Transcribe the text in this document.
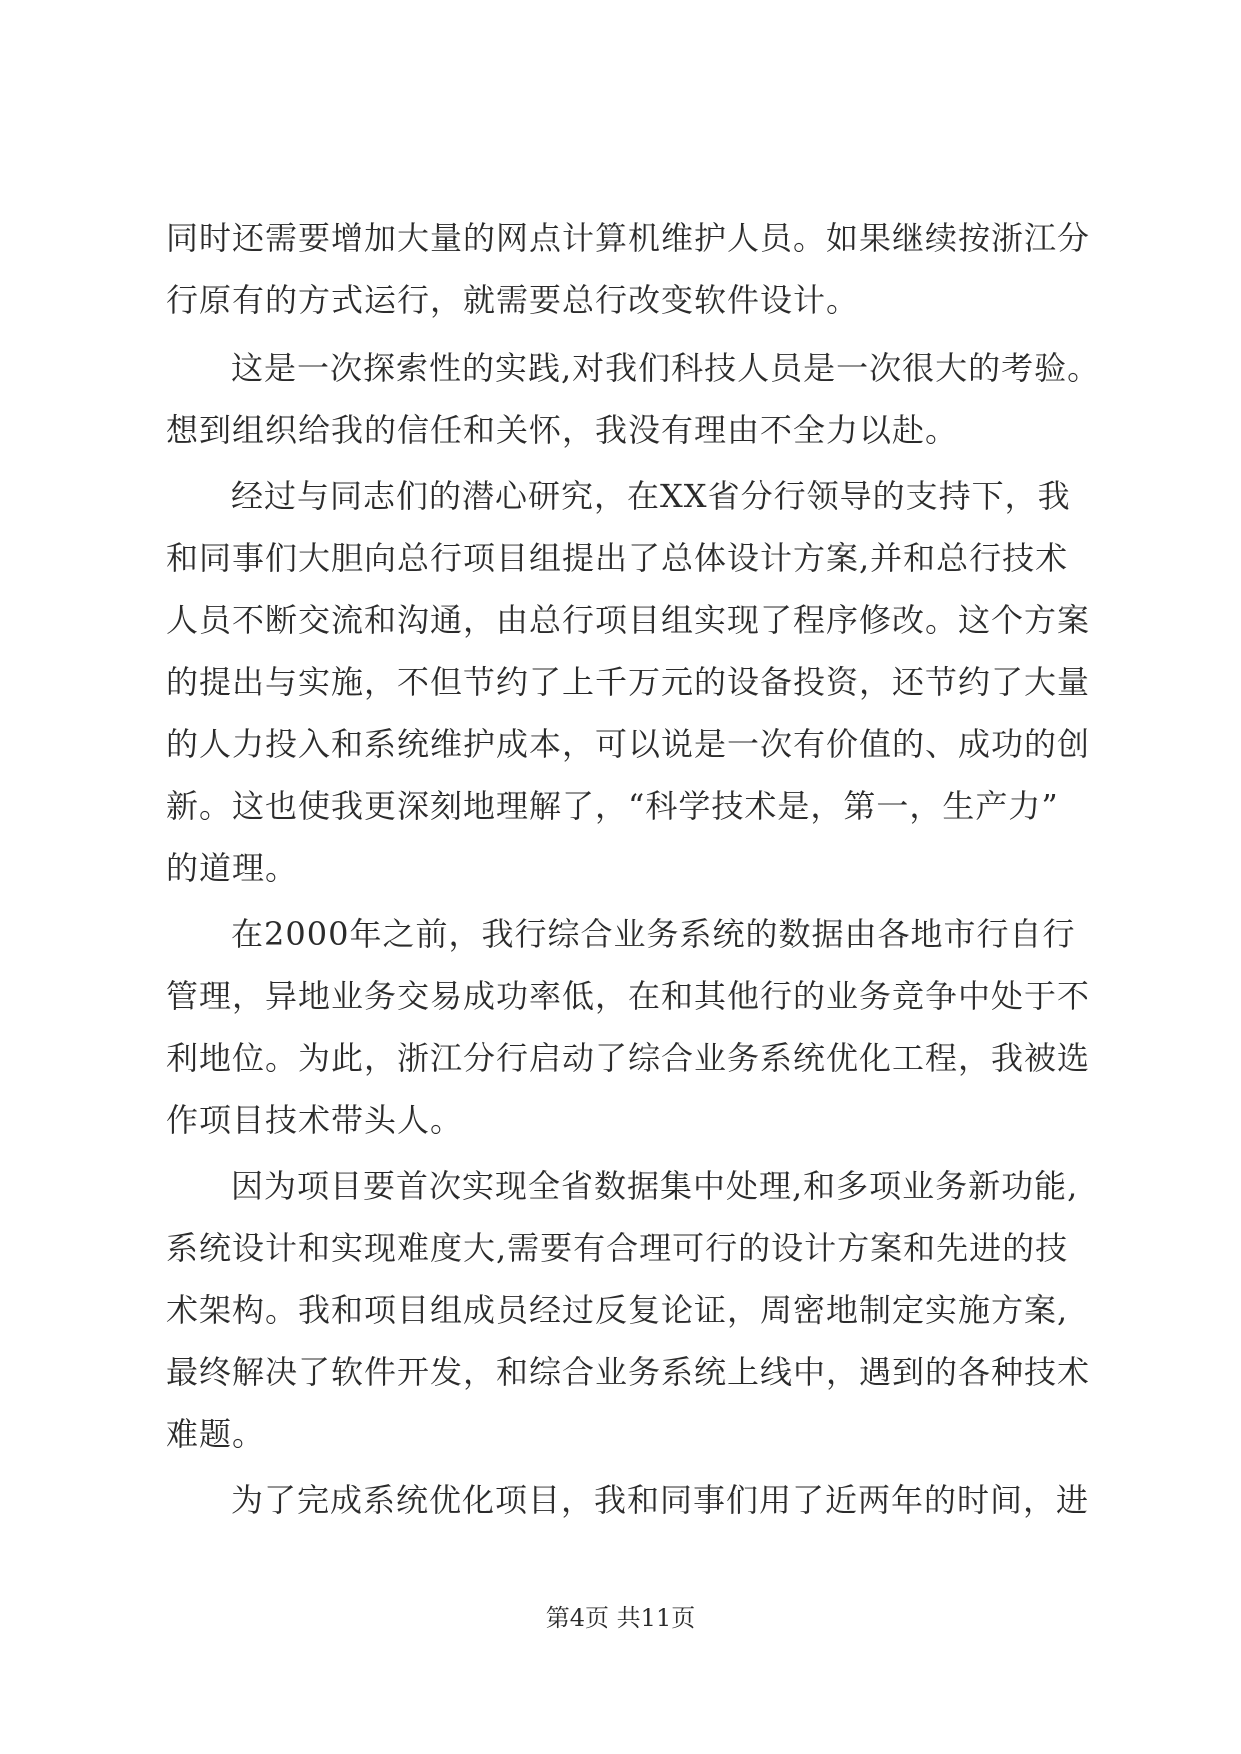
同时还需要增加大量的网点计算机维护人员。如果继续按浙江分
行原有的方式运行，就需要总行改变软件设计。
这是一次探索性的实践,对我们科技人员是一次很大的考验。
想到组织给我的信任和关怀，我没有理由不全力以赴。
经过与同志们的潜心研究，在XX省分行领导的支持下，我
和同事们大胆向总行项目组提出了总体设计方案,并和总行技术
人员不断交流和沟通，由总行项目组实现了程序修改。这个方案
的提出与实施，不但节约了上千万元的设备投资，还节约了大量
的人力投入和系统维护成本，可以说是一次有价值的、成功的创
新。这也使我更深刻地理解了，“科学技术是，第一，生产力”
的道理。
在2000年之前，我行综合业务系统的数据由各地市行自行
管理，异地业务交易成功率低，在和其他行的业务竞争中处于不
利地位。为此，浙江分行启动了综合业务系统优化工程，我被选
作项目技术带头人。
因为项目要首次实现全省数据集中处理,和多项业务新功能,
系统设计和实现难度大,需要有合理可行的设计方案和先进的技
术架构。我和项目组成员经过反复论证，周密地制定实施方案,
最终解决了软件开发，和综合业务系统上线中，遇到的各种技术
难题。
为了完成系统优化项目，我和同事们用了近两年的时间，进
第4页 共11页
